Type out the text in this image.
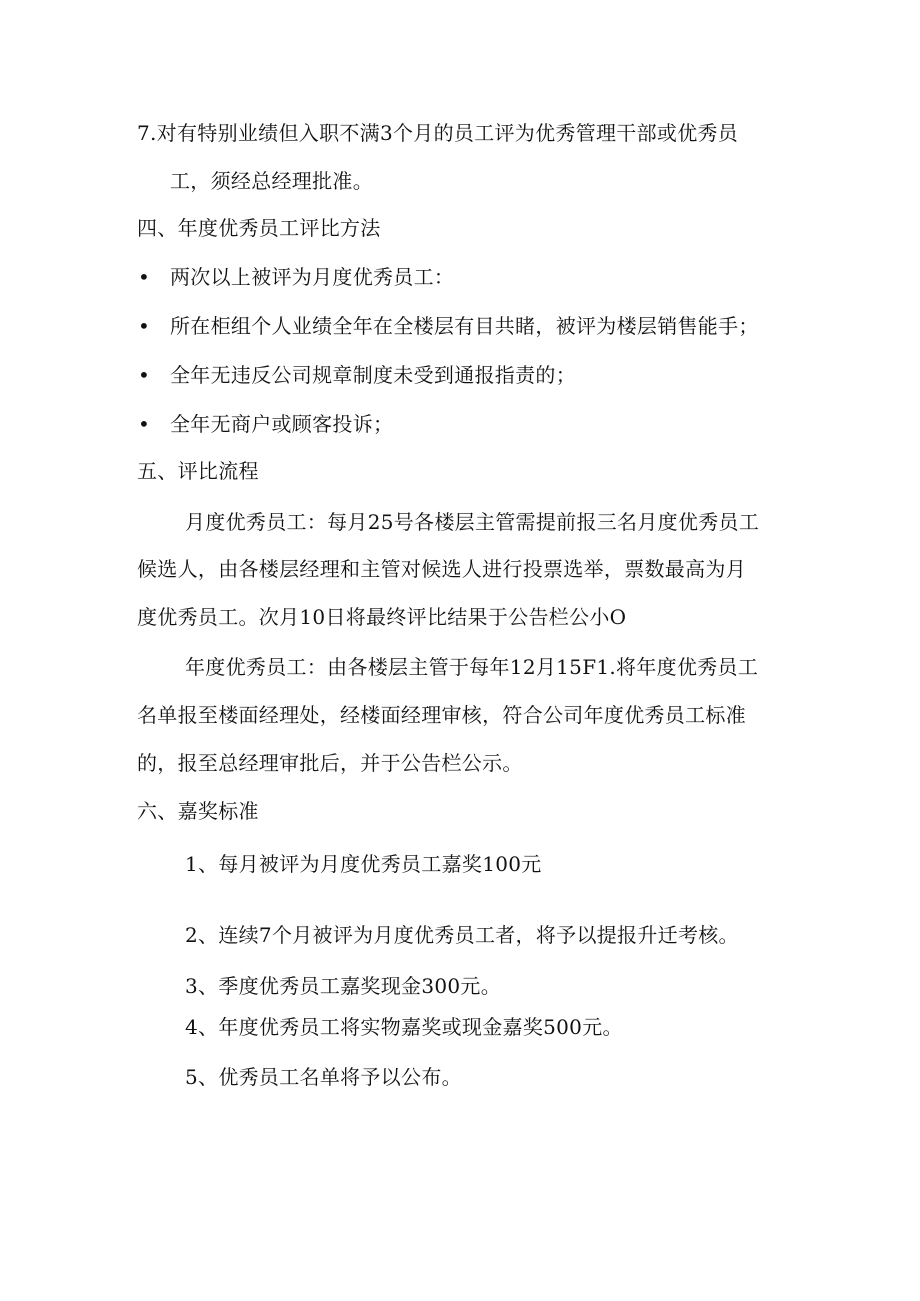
7.对有特别业绩但入职不满3个月的员工评为优秀管理干部或优秀员
工，须经总经理批准。
四、年度优秀员工评比方法
• 两次以上被评为月度优秀员工：
• 所在柜组个人业绩全年在全楼层有目共睹，被评为楼层销售能手；
• 全年无违反公司规章制度未受到通报指责的；
• 全年无商户或顾客投诉；
五、评比流程
月度优秀员工：每月25号各楼层主管需提前报三名月度优秀员工
候选人，由各楼层经理和主管对候选人进行投票选举，票数最高为月
度优秀员工。次月10日将最终评比结果于公告栏公小O
年度优秀员工：由各楼层主管于每年12月15F1.将年度优秀员工
名单报至楼面经理处，经楼面经理审核，符合公司年度优秀员工标准
的，报至总经理审批后，并于公告栏公示。
六、嘉奖标准
1、每月被评为月度优秀员工嘉奖100元
2、连续7个月被评为月度优秀员工者，将予以提报升迁考核。
3、季度优秀员工嘉奖现金300元。
4、年度优秀员工将实物嘉奖或现金嘉奖500元。
5、优秀员工名单将予以公布。
